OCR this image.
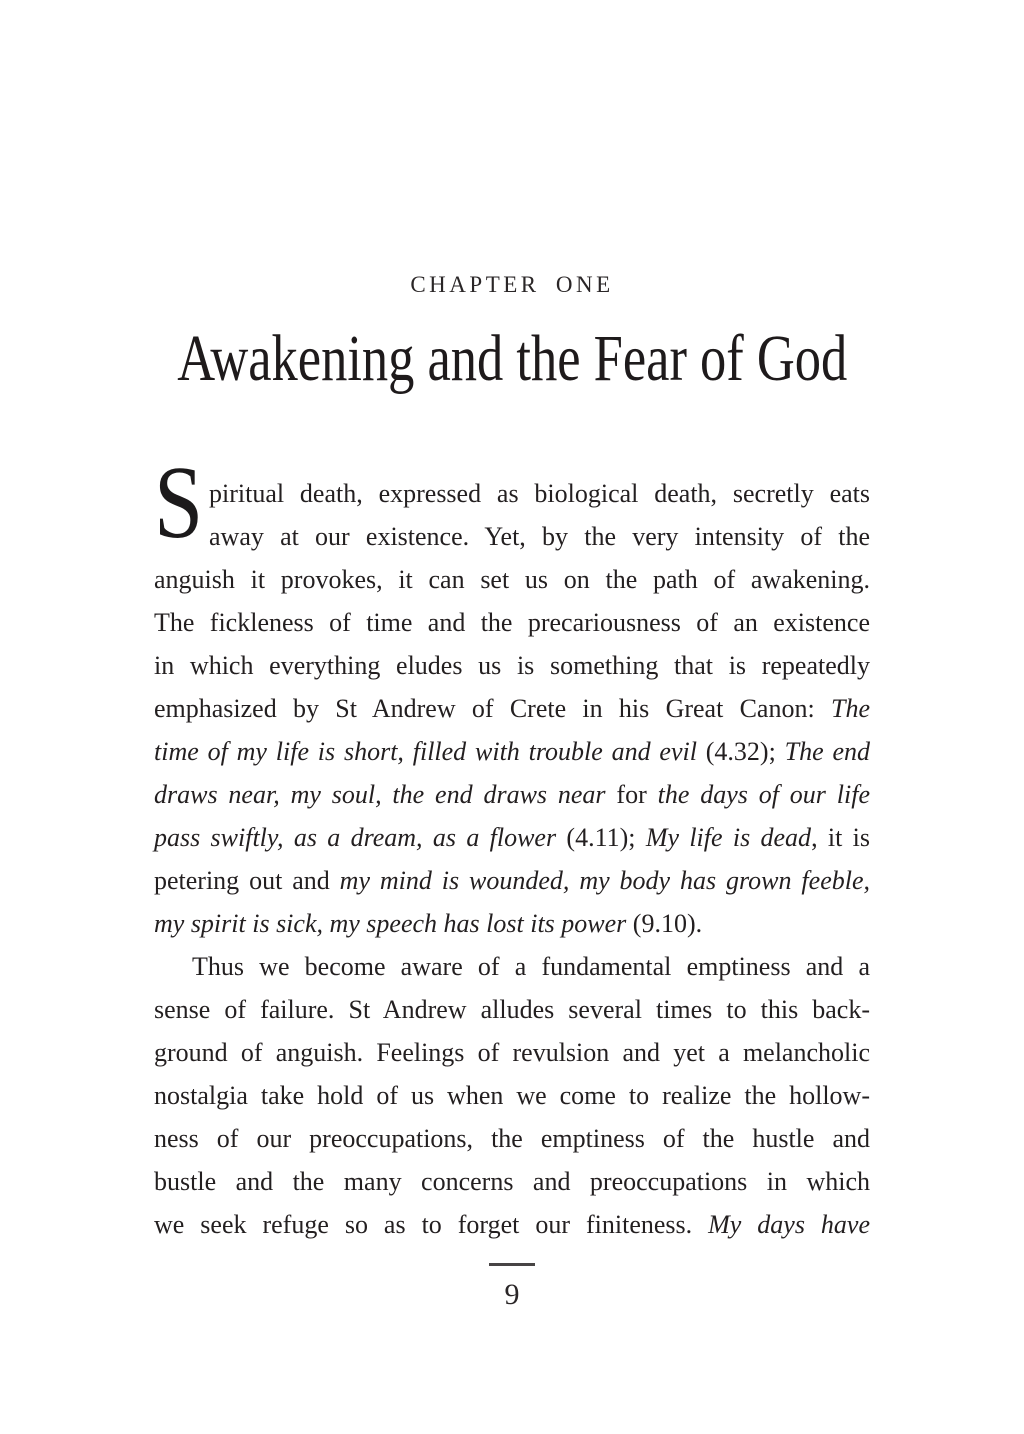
CHAPTER ONE
Awakening and the Fear of God
S piritual death, expressed as biological death, secretly eats
away at our existence. Yet, by the very intensity of the
anguish it provokes, it can set us on the path of awakening.
The fickleness of time and the precariousness of an existence
in which everything eludes us is something that is repeatedly
emphasized by St Andrew of Crete in his Great Canon: The
time of my life is short, filled with trouble and evil (4.32); The end
draws near, my soul, the end draws near for the days of our life
pass swiftly, as a dream, as a flower (4.11); My life is dead, it is
petering out and my mind is wounded, my body has grown feeble,
my spirit is sick, my speech has lost its power (9.10).
Thus we become aware of a fundamental emptiness and a
sense of failure. St Andrew alludes several times to this back-
ground of anguish. Feelings of revulsion and yet a melancholic
nostalgia take hold of us when we come to realize the hollow-
ness of our preoccupations, the emptiness of the hustle and
bustle and the many concerns and preoccupations in which
we seek refuge so as to forget our finiteness. My days have
9
